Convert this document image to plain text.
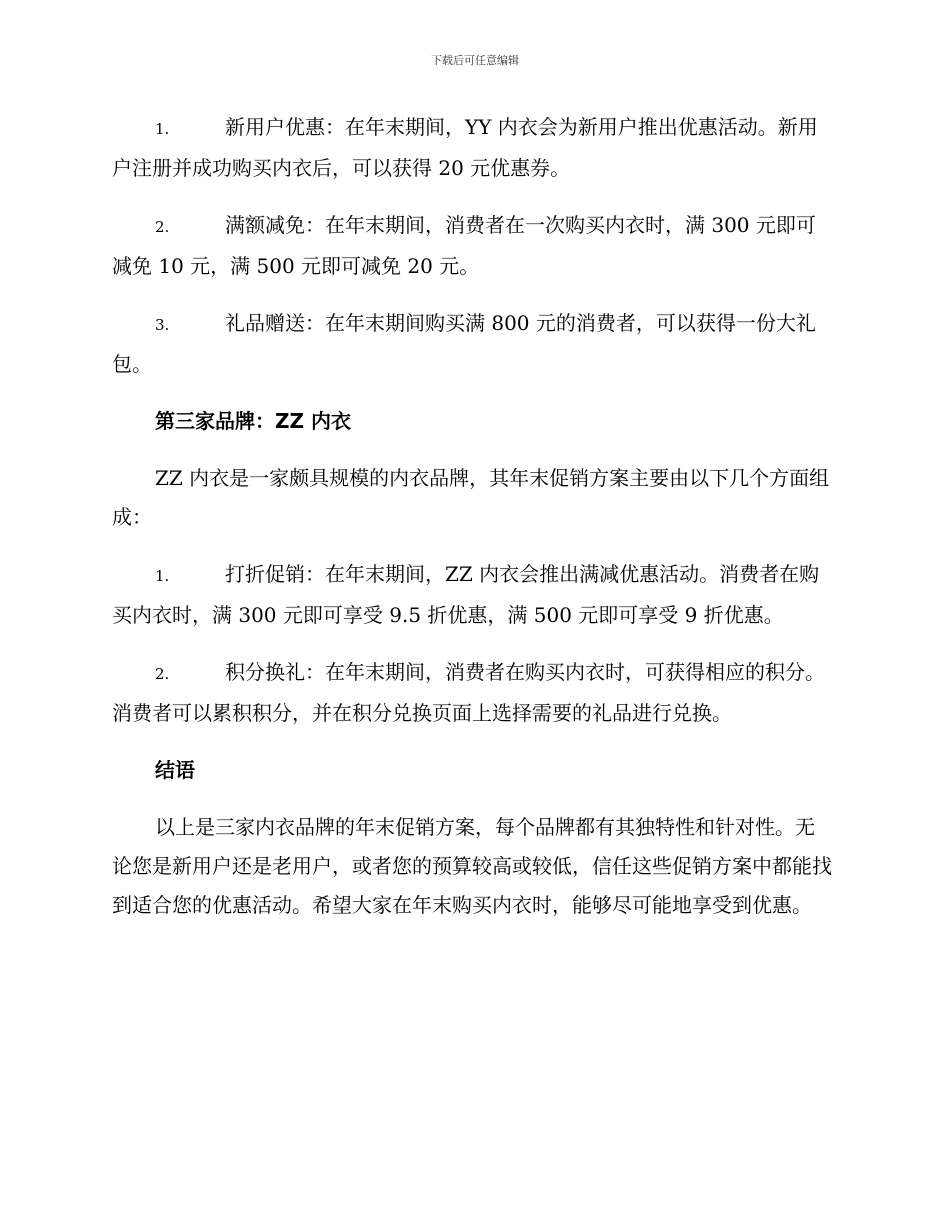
下载后可任意编辑

1.	新用户优惠：在年末期间，YY 内衣会为新用户推出优惠活动。新用户注册并成功购买内衣后，可以获得 20 元优惠券。

2.	满额减免：在年末期间，消费者在一次购买内衣时，满 300 元即可减免 10 元，满 500 元即可减免 20 元。

3.	礼品赠送：在年末期间购买满 800 元的消费者，可以获得一份大礼包。

第三家品牌：ZZ 内衣

ZZ 内衣是一家颇具规模的内衣品牌，其年末促销方案主要由以下几个方面组成：

1.	打折促销：在年末期间，ZZ 内衣会推出满减优惠活动。消费者在购买内衣时，满 300 元即可享受 9.5 折优惠，满 500 元即可享受 9 折优惠。

2.	积分换礼：在年末期间，消费者在购买内衣时，可获得相应的积分。消费者可以累积积分，并在积分兑换页面上选择需要的礼品进行兑换。

结语

以上是三家内衣品牌的年末促销方案，每个品牌都有其独特性和针对性。无论您是新用户还是老用户，或者您的预算较高或较低，信任这些促销方案中都能找到适合您的优惠活动。希望大家在年末购买内衣时，能够尽可能地享受到优惠。
